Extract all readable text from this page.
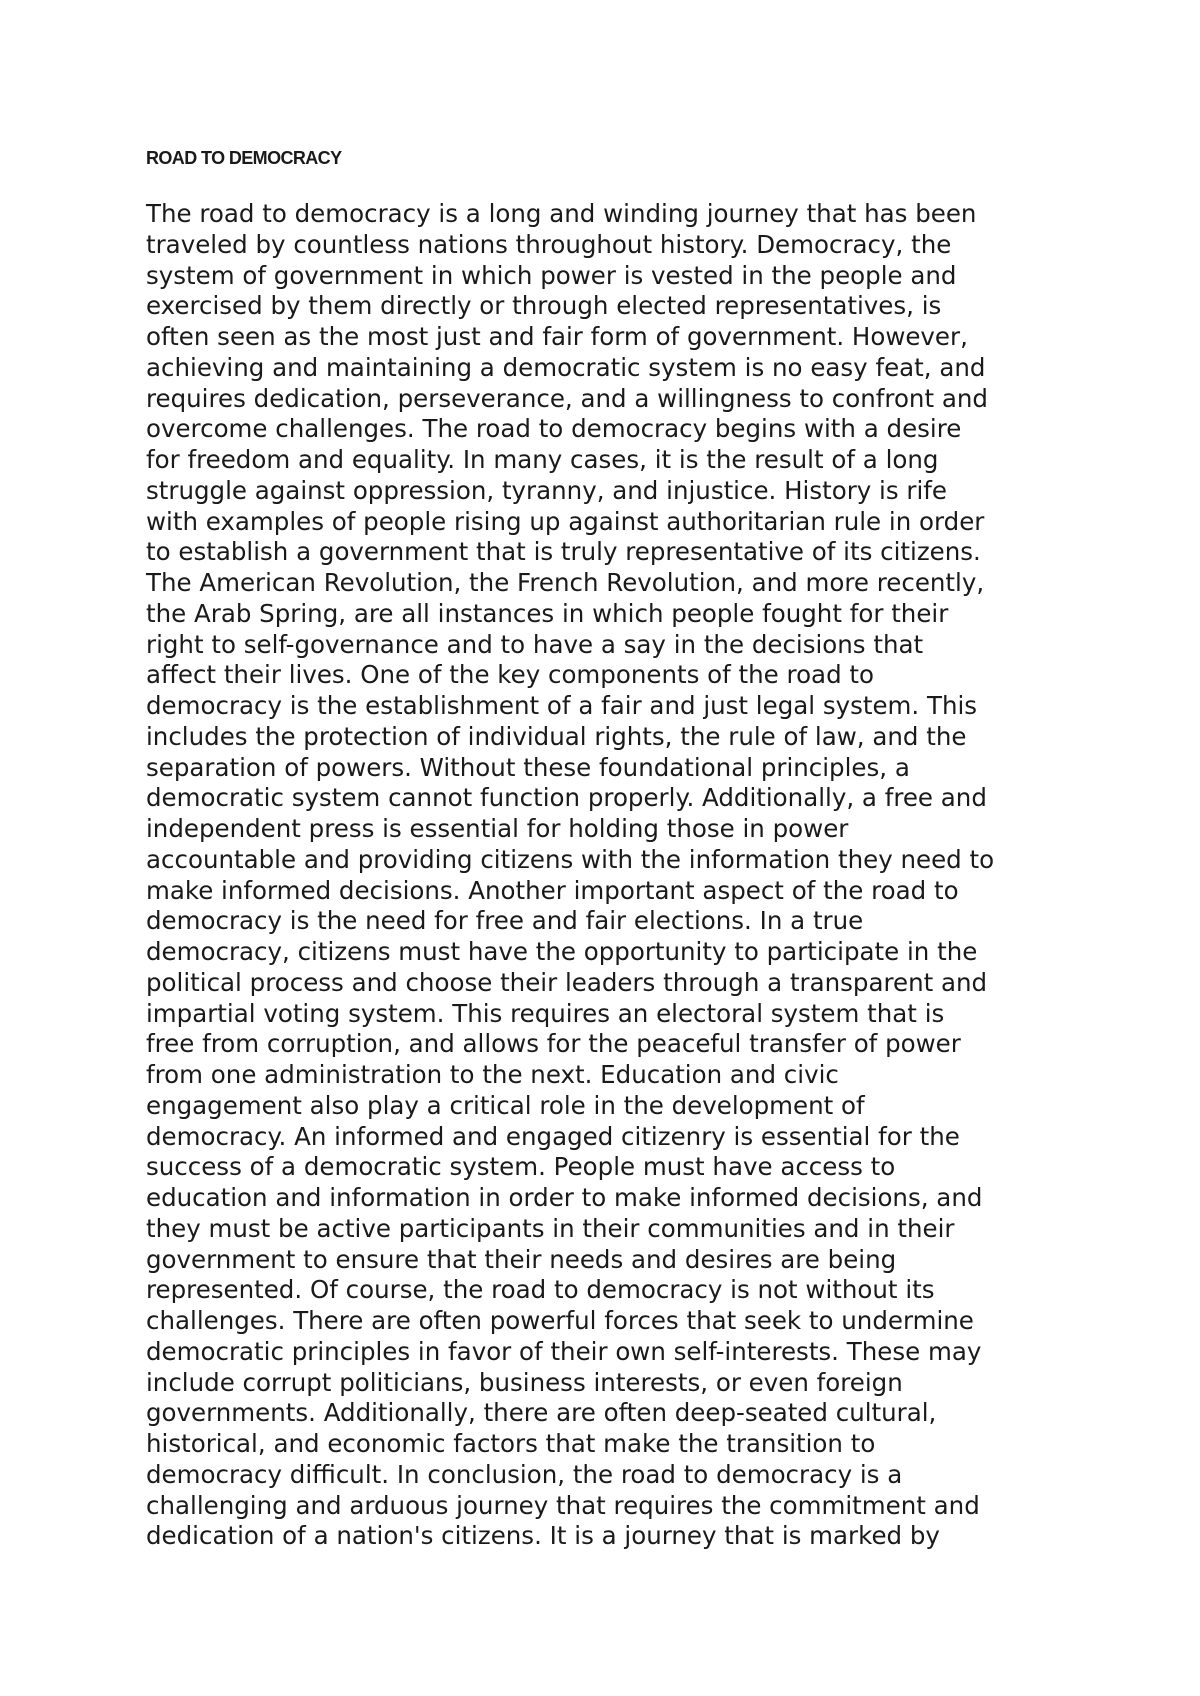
ROAD TO DEMOCRACY
The road to democracy is a long and winding journey that has been
traveled by countless nations throughout history. Democracy, the
system of government in which power is vested in the people and
exercised by them directly or through elected representatives, is
often seen as the most just and fair form of government. However,
achieving and maintaining a democratic system is no easy feat, and
requires dedication, perseverance, and a willingness to confront and
overcome challenges. The road to democracy begins with a desire
for freedom and equality. In many cases, it is the result of a long
struggle against oppression, tyranny, and injustice. History is rife
with examples of people rising up against authoritarian rule in order
to establish a government that is truly representative of its citizens.
The American Revolution, the French Revolution, and more recently,
the Arab Spring, are all instances in which people fought for their
right to self-governance and to have a say in the decisions that
affect their lives. One of the key components of the road to
democracy is the establishment of a fair and just legal system. This
includes the protection of individual rights, the rule of law, and the
separation of powers. Without these foundational principles, a
democratic system cannot function properly. Additionally, a free and
independent press is essential for holding those in power
accountable and providing citizens with the information they need to
make informed decisions. Another important aspect of the road to
democracy is the need for free and fair elections. In a true
democracy, citizens must have the opportunity to participate in the
political process and choose their leaders through a transparent and
impartial voting system. This requires an electoral system that is
free from corruption, and allows for the peaceful transfer of power
from one administration to the next. Education and civic
engagement also play a critical role in the development of
democracy. An informed and engaged citizenry is essential for the
success of a democratic system. People must have access to
education and information in order to make informed decisions, and
they must be active participants in their communities and in their
government to ensure that their needs and desires are being
represented. Of course, the road to democracy is not without its
challenges. There are often powerful forces that seek to undermine
democratic principles in favor of their own self-interests. These may
include corrupt politicians, business interests, or even foreign
governments. Additionally, there are often deep-seated cultural,
historical, and economic factors that make the transition to
democracy difficult. In conclusion, the road to democracy is a
challenging and arduous journey that requires the commitment and
dedication of a nation's citizens. It is a journey that is marked by
